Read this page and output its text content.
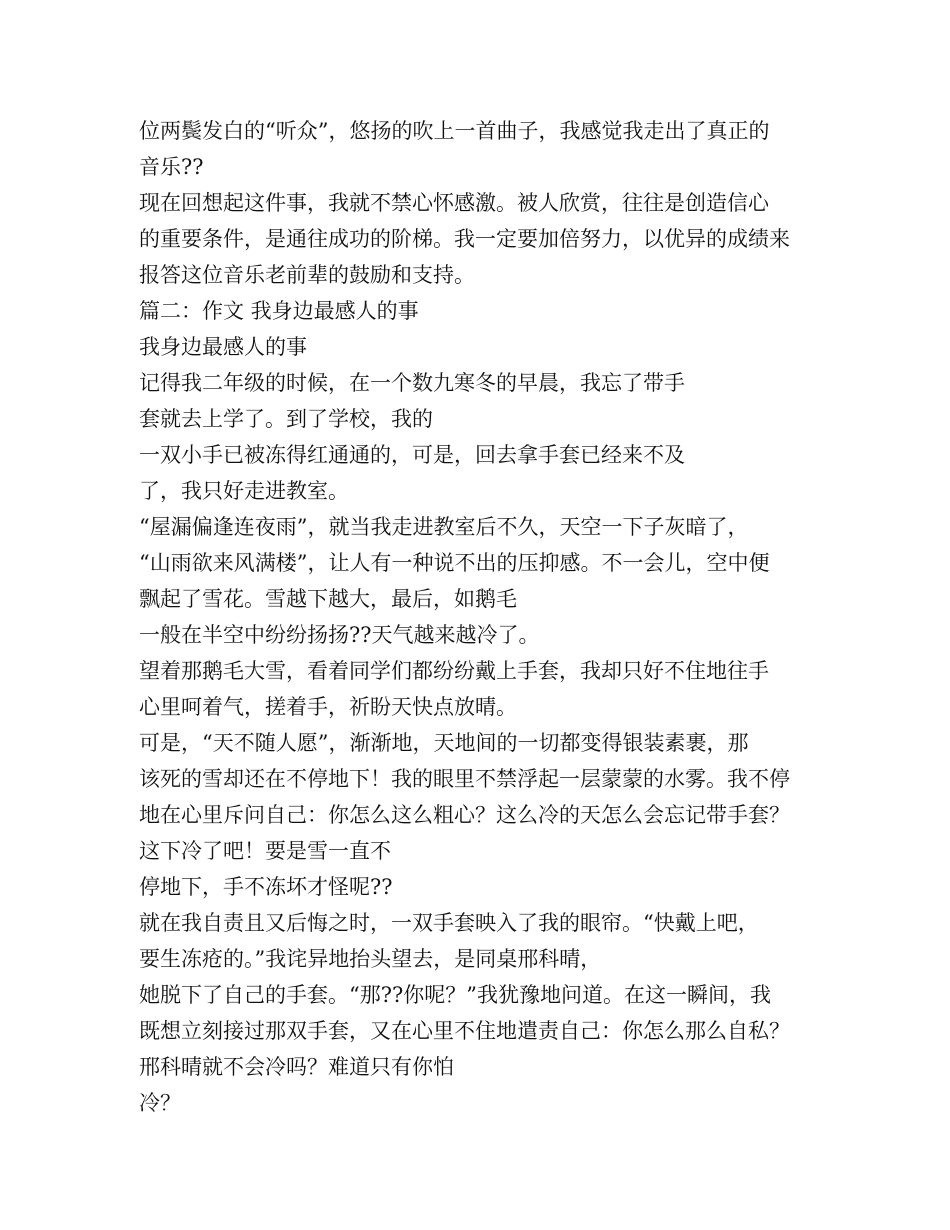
位两鬓发白的“听众”，悠扬的吹上一首曲子，我感觉我走出了真正的
音乐??
现在回想起这件事，我就不禁心怀感激。被人欣赏，往往是创造信心
的重要条件，是通往成功的阶梯。我一定要加倍努力，以优异的成绩来
报答这位音乐老前辈的鼓励和支持。
篇二：作文 我身边最感人的事
我身边最感人的事
记得我二年级的时候，在一个数九寒冬的早晨，我忘了带手
套就去上学了。到了学校，我的
一双小手已被冻得红通通的，可是，回去拿手套已经来不及
了，我只好走进教室。
“屋漏偏逢连夜雨”，就当我走进教室后不久，天空一下子灰暗了，
“山雨欲来风满楼”，让人有一种说不出的压抑感。不一会儿，空中便
飘起了雪花。雪越下越大，最后，如鹅毛
一般在半空中纷纷扬扬??天气越来越冷了。
望着那鹅毛大雪，看着同学们都纷纷戴上手套，我却只好不住地往手
心里呵着气，搓着手，祈盼天快点放晴。
可是，“天不随人愿”，渐渐地，天地间的一切都变得银装素裹，那
该死的雪却还在不停地下！我的眼里不禁浮起一层蒙蒙的水雾。我不停
地在心里斥问自己：你怎么这么粗心？这么冷的天怎么会忘记带手套？
这下冷了吧！要是雪一直不
停地下，手不冻坏才怪呢??
就在我自责且又后悔之时，一双手套映入了我的眼帘。“快戴上吧，
要生冻疮的。”我诧异地抬头望去，是同桌邢科晴，
她脱下了自己的手套。“那??你呢？”我犹豫地问道。在这一瞬间，我
既想立刻接过那双手套，又在心里不住地遣责自己：你怎么那么自私？
邢科晴就不会冷吗？难道只有你怕
冷？
